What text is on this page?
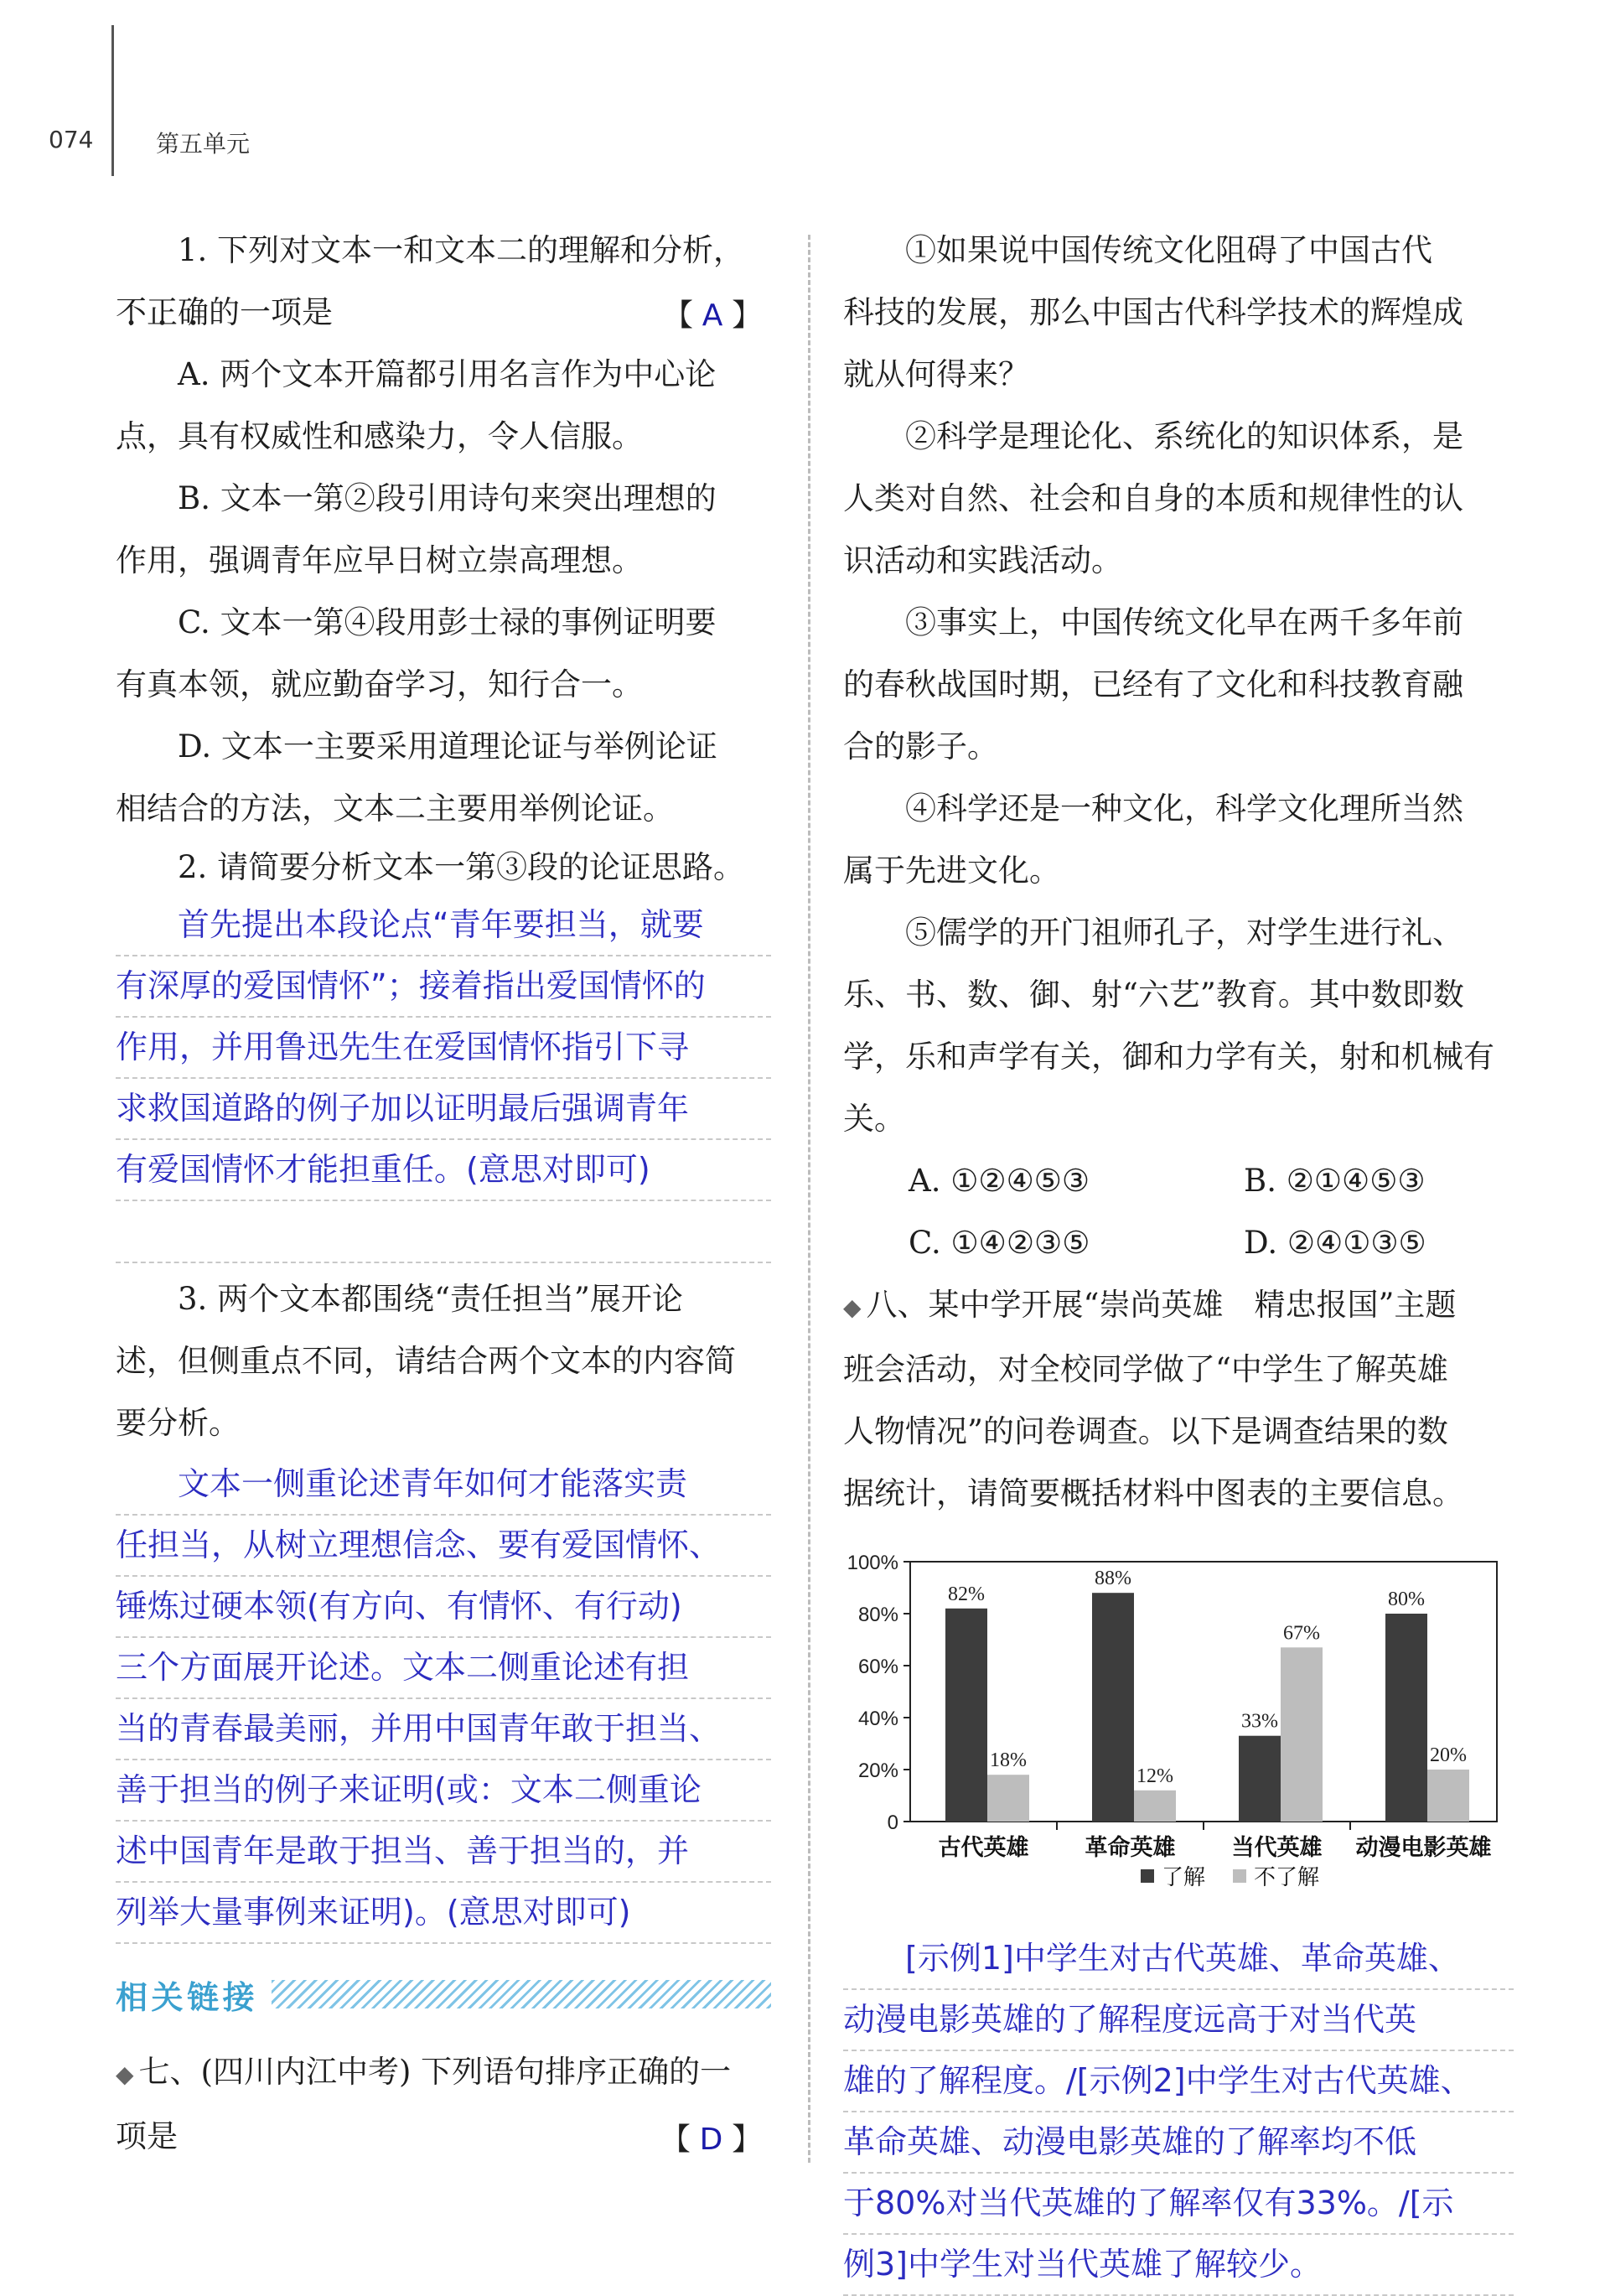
074	第五单元

1. 下列对文本一和文本二的理解和分析，

不正确的一项是	【A】

A. 两个文本开篇都引用名言作为中心论

点，具有权威性和感染力，令人信服。

B. 文本一第②段引用诗句来突出理想的

作用，强调青年应早日树立崇高理想。

C. 文本一第④段用彭士禄的事例证明要

有真本领，就应勤奋学习，知行合一。

D. 文本一主要采用道理论证与举例论证

相结合的方法，文本二主要用举例论证。

2. 请简要分析文本一第③段的论证思路。

首先提出本段论点“青年要担当，就要
有深厚的爱国情怀”；接着指出爱国情怀的
作用，并用鲁迅先生在爱国情怀指引下寻
求救国道路的例子加以证明最后强调青年
有爱国情怀才能担重任。(意思对即可)

3. 两个文本都围绕“责任担当”展开论

述，但侧重点不同，请结合两个文本的内容简

要分析。

文本一侧重论述青年如何才能落实责
任担当，从树立理想信念、要有爱国情怀、
锤炼过硬本领(有方向、有情怀、有行动)
三个方面展开论述。文本二侧重论述有担
当的青春最美丽，并用中国青年敢于担当、
善于担当的例子来证明(或：文本二侧重论
述中国青年是敢于担当、善于担当的，并
列举大量事例来证明)。(意思对即可)
相关链接

◆ 七、(四川内江中考) 下列语句排序正确的一

项是	【D】

①如果说中国传统文化阻碍了中国古代

科技的发展，那么中国古代科学技术的辉煌成

就从何得来？

②科学是理论化、系统化的知识体系，是

人类对自然、社会和自身的本质和规律性的认

识活动和实践活动。

③事实上，中国传统文化早在两千多年前

的春秋战国时期，已经有了文化和科技教育融

合的影子。

④科学还是一种文化，科学文化理所当然

属于先进文化。

⑤儒学的开门祖师孔子，对学生进行礼、

乐、书、数、御、射“六艺”教育。其中数即数

学，乐和声学有关，御和力学有关，射和机械有

关。

A. ①②④⑤③	B. ②①④⑤③
C. ①④②③⑤	D. ②④①③⑤

◆ 八、某中学开展“崇尚英雄　精忠报国”主题

班会活动，对全校同学做了“中学生了解英雄

人物情况”的问卷调查。以下是调查结果的数

据统计，请简要概括材料中图表的主要信息。

0
20%
40%
60%
80%
100%
82%
18%
古代英雄
88%
12%
革命英雄
33%
67%
当代英雄
80%
20%
动漫电影英雄
了解 不了解
[示例1]中学生对古代英雄、革命英雄、
动漫电影英雄的了解程度远高于对当代英
雄的了解程度。/[示例2]中学生对古代英雄、
革命英雄、动漫电影英雄的了解率均不低
于80%对当代英雄的了解率仅有33%。/[示
例3]中学生对当代英雄了解较少。
